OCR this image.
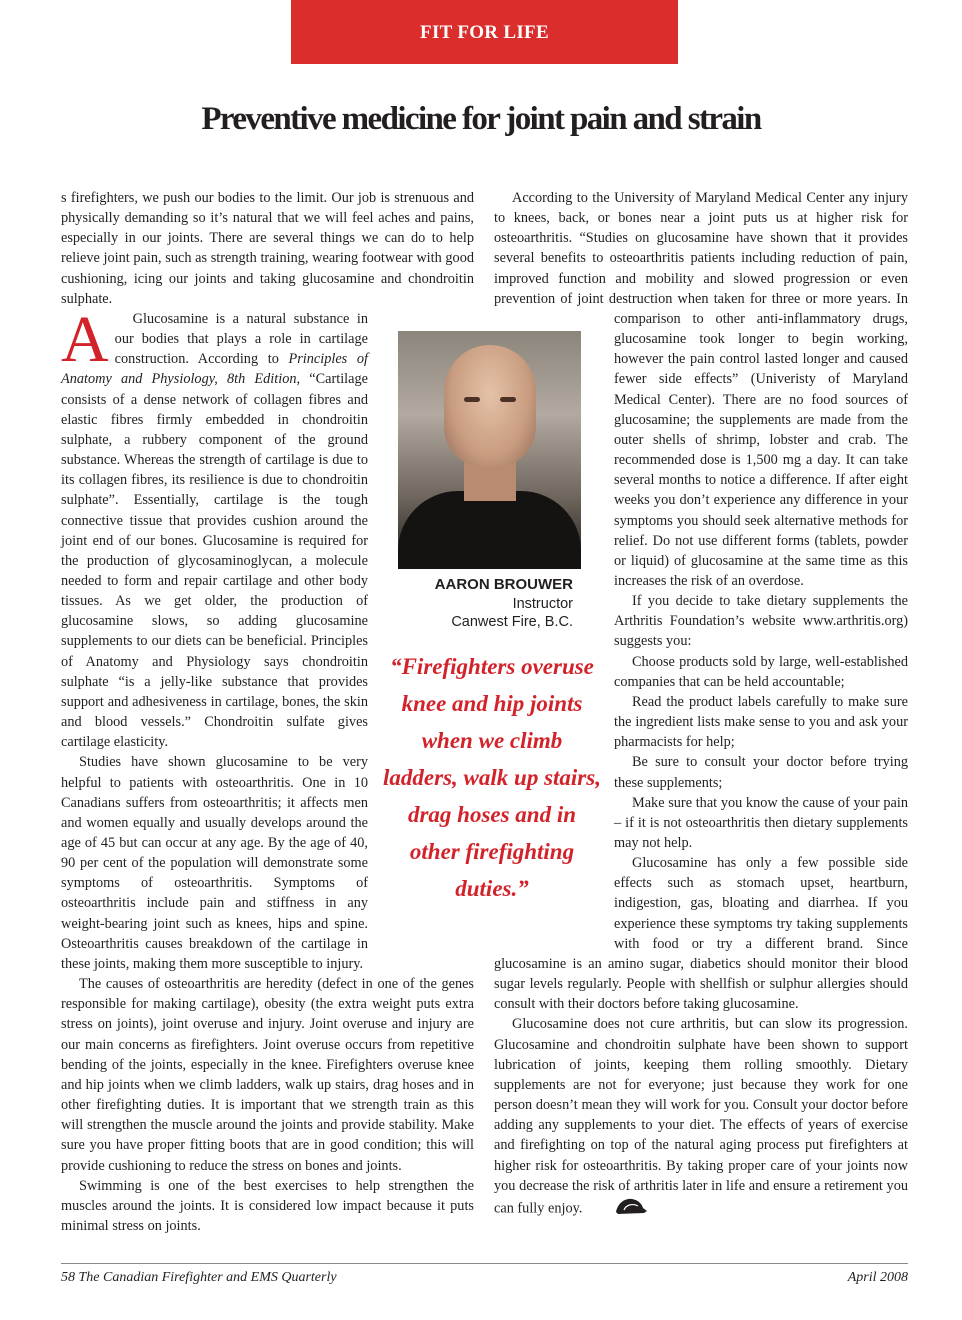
FIT FOR LIFE
Preventive medicine for joint pain and strain

A
s firefighters, we push our bodies to the limit. Our job is strenuous and physically demanding so it’s natural that we will feel aches and pains, especially in our joints. There are several things we can do to help relieve joint pain, such as strength training, wearing footwear with good cushioning, icing our joints and taking glucosamine and chondroitin sulphate.

Glucosamine is a natural substance in our bodies that plays a role in cartilage construction. According to Principles of Anatomy and Physiology, 8th Edition, “Cartilage consists of a dense network of collagen fibres and elastic fibres firmly embedded in chondroitin sulphate, a rubbery component of the ground substance. Whereas the strength of cartilage is due to its collagen fibres, its resilience is due to chondroitin sulphate”. Essentially, cartilage is the tough connective tissue that provides cushion around the joint end of our bones. Glucosamine is required for the production of glycosaminoglycan, a molecule needed to form and repair cartilage and other body tissues. As we get older, the production of glucosamine slows, so adding glucosamine supplements to our diets can be beneficial. Principles of Anatomy and Physiology says chondroitin sulphate “is a jelly-like substance that provides support and adhesiveness in cartilage, bones, the skin and blood vessels.” Chondroitin sulfate gives cartilage elasticity.

Studies have shown glucosamine to be very helpful to patients with osteoarthritis. One in 10 Canadians suffers from osteoarthritis; it affects men and women equally and usually develops around the age of 45 but can occur at any age. By the age of 40, 90 per cent of the population will demonstrate some symptoms of osteoarthritis. Symptoms of osteoarthritis include pain and stiffness in any weight-bearing joint such as knees, hips and spine. Osteoarthritis causes breakdown of the cartilage in these joints, making them more susceptible to injury.

The causes of osteoarthritis are heredity (defect in one of the genes responsible for making cartilage), obesity (the extra weight puts extra stress on joints), joint overuse and injury. Joint overuse and injury are our main concerns as firefighters. Joint overuse occurs from repetitive bending of the joints, especially in the knee. Firefighters overuse knee and hip joints when we climb ladders, walk up stairs, drag hoses and in other firefighting duties. It is important that we strength train as this will strengthen the muscle around the joints and provide stability. Make sure you have proper fitting boots that are in good condition; this will provide cushioning to reduce the stress on bones and joints.

Swimming is one of the best exercises to help strengthen the muscles around the joints. It is considered low impact because it puts minimal stress on joints.

According to the University of Maryland Medical Center any injury to knees, back, or bones near a joint puts us at higher risk for osteoarthritis. “Studies on glucosamine have shown that it provides several benefits to osteoarthritis patients including reduction of pain, improved function and mobility and slowed progression or even prevention of joint destruction when taken for three or more years. In comparison to other anti-inflammatory drugs, glucosamine took longer to begin working, however the pain control lasted longer and caused fewer side effects” (Univeristy of Maryland Medical Center). There are no food sources of glucosamine; the supplements are made from the outer shells of shrimp, lobster and crab. The recommended dose is 1,500 mg a day. It can take several months to notice a difference. If after eight weeks you don’t experience any difference in your symptoms you should seek alternative methods for relief. Do not use different forms (tablets, powder or liquid) of glucosamine at the same time as this increases the risk of an overdose.

If you decide to take dietary supplements the Arthritis Foundation’s website www.arthritis.org) suggests you:

Choose products sold by large, well-established companies that can be held accountable;

Read the product labels carefully to make sure the ingredient lists make sense to you and ask your pharmacists for help;

Be sure to consult your doctor before trying these supplements;

Make sure that you know the cause of your pain – if it is not osteoarthritis then dietary supplements may not help.

Glucosamine has only a few possible side effects such as stomach upset, heartburn, indigestion, gas, bloating and diarrhea. If you experience these symptoms try taking supplements with food or try a different brand. Since glucosamine is an amino sugar, diabetics should monitor their blood sugar levels regularly. People with shellfish or sulphur allergies should consult with their doctors before taking glucosamine.

Glucosamine does not cure arthritis, but can slow its progression. Glucosamine and chondroitin sulphate have been shown to support lubrication of joints, keeping them rolling smoothly. Dietary supplements are not for everyone; just because they work for one person doesn’t mean they will work for you. Consult your doctor before adding any supplements to your diet. The effects of years of exercise and firefighting on top of the natural aging process put firefighters at higher risk for osteoarthritis. By taking proper care of your joints now you decrease the risk of arthritis later in life and ensure a retirement you can fully enjoy.

AARON BROUWER
Instructor
Canwest Fire, B.C.
“Firefighters overuse knee and hip joints when we climb ladders, walk up stairs, drag hoses and in other firefighting duties.”
58 The Canadian Firefighter and EMS Quarterly	April 2008
